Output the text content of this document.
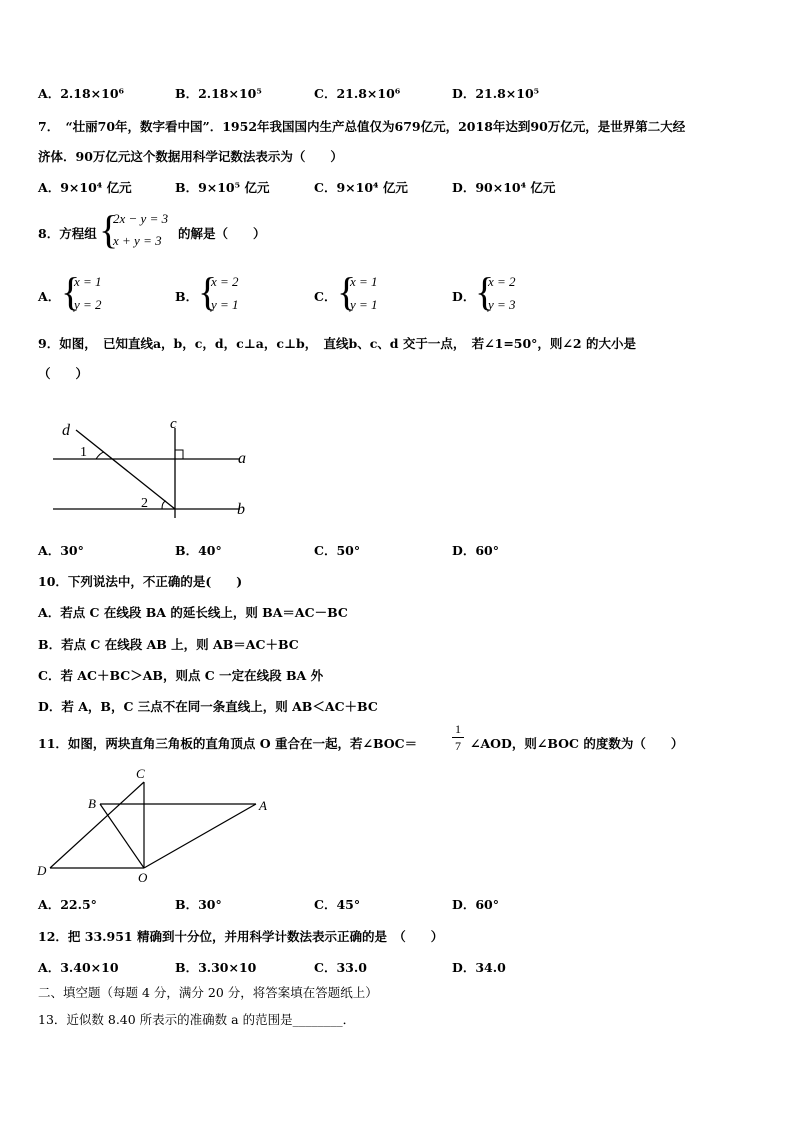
A．2.18×10⁶	B．2.18×10⁵	C．21.8×10⁶	D．21.8×10⁵
7．　“壮丽70年，数字看中国”．1952年我国国内生产总值仅为679亿元，2018年达到90万亿元，是世界第二大经
济体．90万亿元这个数据用科学记数法表示为（　　）
A．9×10⁴ 亿元	B．9×10⁵ 亿元	C．9×10⁴ 亿元	D．90×10⁴ 亿元
8．方程组 {
2x − y = 3
x + y = 3 的解是（　　）
A． {
x = 1
y = 2
B． {
x = 2
y = 1
C． {
x = 1
y = 1
D． {
x = 2
y = 3
9．如图，　已知直线a，b，c，d，c⊥a，c⊥b，　直线b、c、d 交于一点，　若∠1=50°，则∠2 的大小是
（　　）
d	c
a
b
1
2
A．30°	B．40°	C．50°	D．60°
10．下列说法中，不正确的是(　　)
A．若点 C 在线段 BA 的延长线上，则 BA＝AC－BC
B．若点 C 在线段 AB 上，则 AB＝AC＋BC
C．若 AC＋BC＞AB，则点 C 一定在线段 BA 外
D．若 A，B，C 三点不在同一条直线上，则 AB＜AC＋BC
11．如图，两块直角三角板的直角顶点 O 重合在一起，若∠BOC＝
1
7 ∠AOD，则∠BOC 的度数为（　　）
C
B	A
D	O
A．22.5°	B．30°	C．45°	D．60°
12．把 33.951 精确到十分位，并用科学计数法表示正确的是　（　　）
A．3.40×10	B．3.30×10	C．33.0	D．34.0
二、填空题（每题 4 分，满分 20 分，将答案填在答题纸上）
13．近似数 8.40 所表示的准确数 a 的范围是________．
